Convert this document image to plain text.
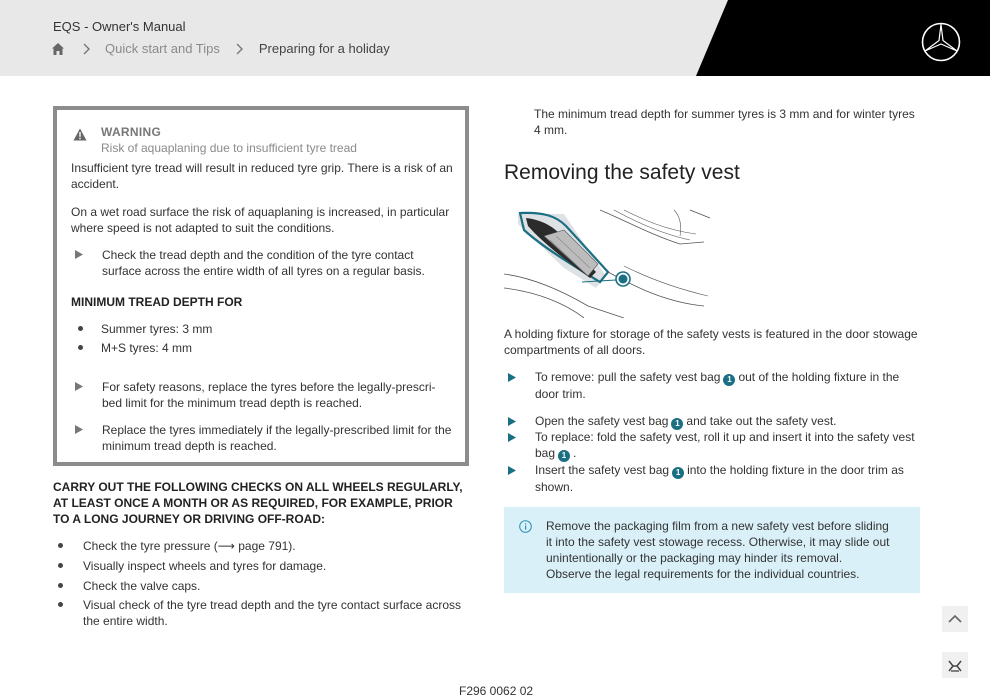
EQS - Owner's Manual
Quick start and Tips	Preparing for a holiday
WARNING
Risk of aquaplaning due to insufficient tyre tread
Insufficient tyre tread will result in reduced tyre grip. There is a risk of an accident.
On a wet road surface the risk of aquaplaning is increased, in particular where speed is not adapted to suit the conditions.
Check the tread depth and the condition of the tyre contact surface across the entire width of all tyres on a regular basis.
MINIMUM TREAD DEPTH FOR
Summer tyres: 3 mm
M+S tyres: 4 mm
For safety reasons, replace the tyres before the legally-prescri-bed limit for the minimum tread depth is reached.
Replace the tyres immediately if the legally-prescribed limit for the minimum tread depth is reached.
CARRY OUT THE FOLLOWING CHECKS ON ALL WHEELS REGULARLY, AT LEAST ONCE A MONTH OR AS REQUIRED, FOR EXAMPLE, PRIOR TO A LONG JOURNEY OR DRIVING OFF-ROAD:
Check the tyre pressure (⟶ page 791).
Visually inspect wheels and tyres for damage.
Check the valve caps.
Visual check of the tyre tread depth and the tyre contact surface across the entire width.
The minimum tread depth for summer tyres is 3 mm and for winter tyres 4 mm.
Removing the safety vest
A holding fixture for storage of the safety vests is featured in the door stowage compartments of all doors.
To remove: pull the safety vest bag 1 out of the holding fixture in the
door trim.
Open the safety vest bag 1 and take out the safety vest.
To replace: fold the safety vest, roll it up and insert it into the safety vest
bag 1 .
Insert the safety vest bag 1 into the holding fixture in the door trim as
shown.
Remove the packaging film from a new safety vest before sliding
it into the safety vest stowage recess. Otherwise, it may slide out
unintentionally or the packaging may hinder its removal.
Observe the legal requirements for the individual countries.
F296 0062 02
